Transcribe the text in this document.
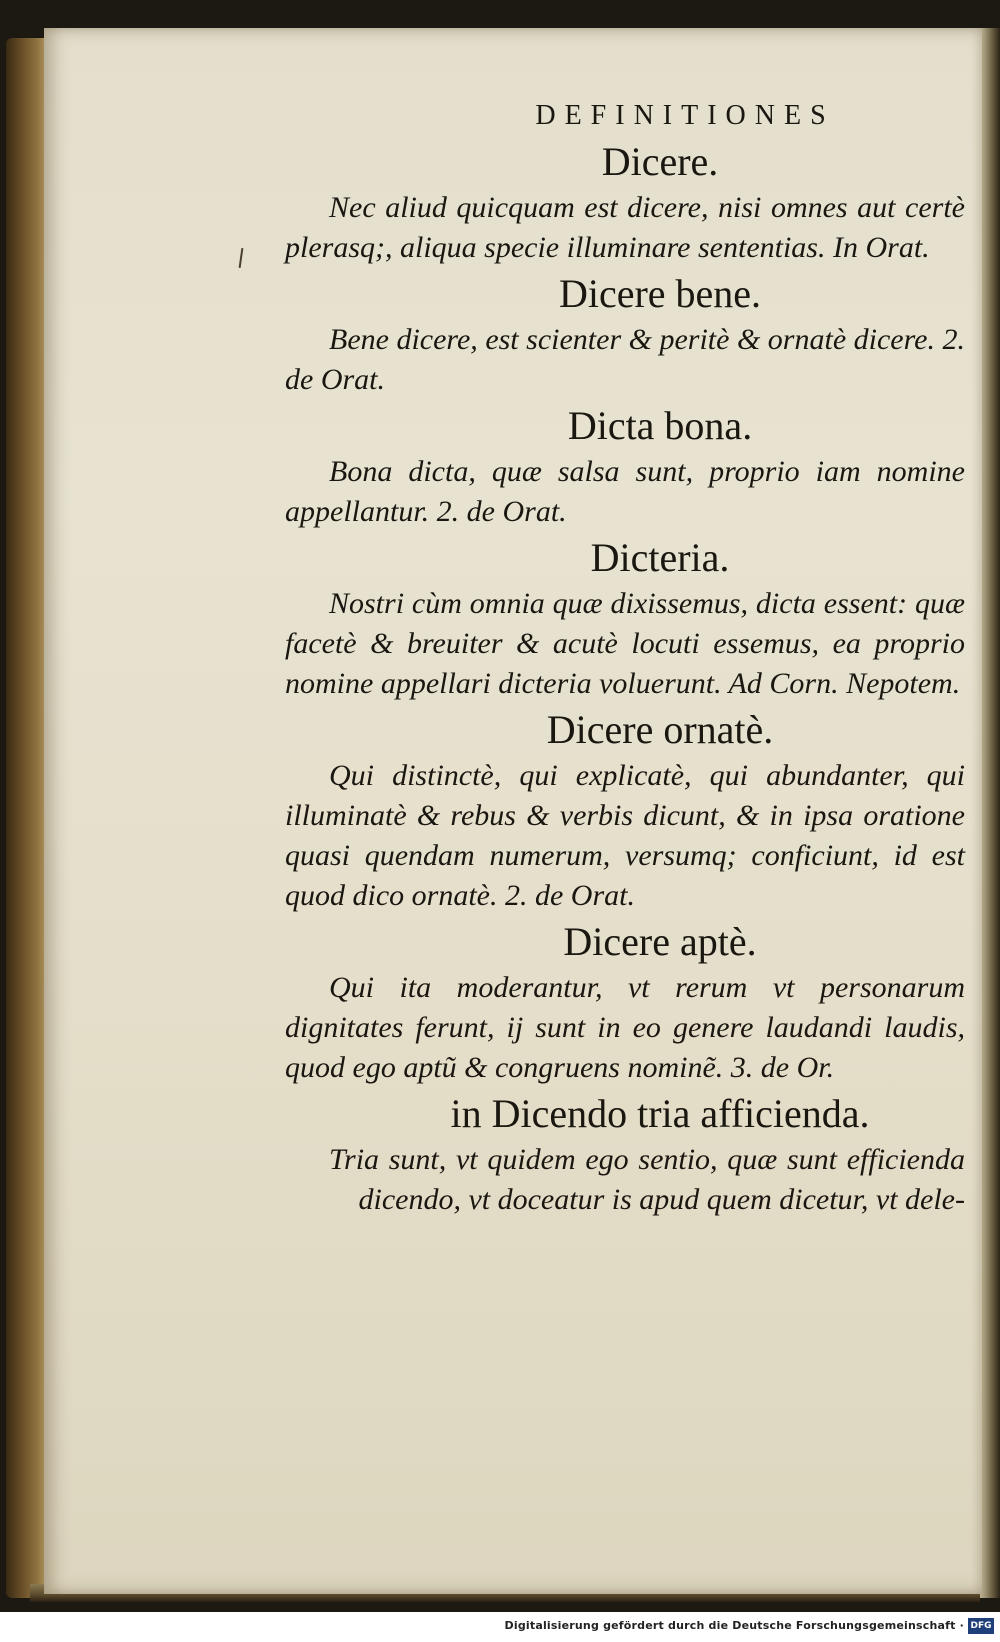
DEFINITIONES
Dicere.

Nec aliud quicquam est dicere, nisi omnes aut certè plerasq;, aliqua specie illuminare sententias. In Orat.

Dicere bene.

Bene dicere, est scienter & peritè & ornatè dicere. 2. de Orat.

Dicta bona.

Bona dicta, quæ salsa sunt, proprio iam nomine appellantur. 2. de Orat.

Dicteria.

Nostri cùm omnia quæ dixissemus, dicta essent: quæ facetè & breuiter & acutè locuti essemus, ea proprio nomine appellari dicteria voluerunt. Ad Corn. Nepotem.

Dicere ornatè.

Qui distinctè, qui explicatè, qui abundanter, qui illuminatè & rebus & verbis dicunt, & in ipsa oratione quasi quendam numerum, versumq; conficiunt, id est quod dico ornatè. 2. de Orat.

Dicere aptè.

Qui ita moderantur, vt rerum vt personarum dignitates ferunt, ij sunt in eo genere laudandi laudis, quod ego aptũ & congruens nominẽ. 3. de Or.

in Dicendo tria afficienda.

Tria sunt, vt quidem ego sentio, quæ sunt efficienda dicendo, vt doceatur is apud quem dicetur, vt dele-

Digitalisierung gefördert durch die Deutsche Forschungsgemeinschaft · DFG
